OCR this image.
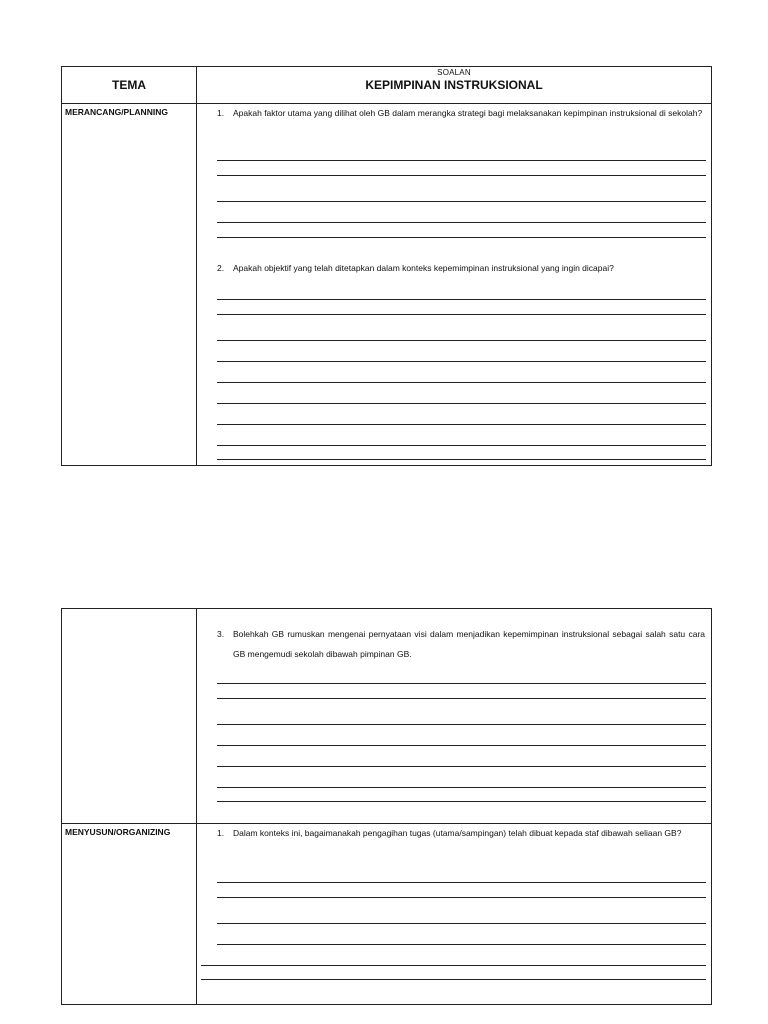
TEMA
SOALAN
KEPIMPINAN INSTRUKSIONAL
MERANCANG/PLANNING	1. Apakah faktor utama yang dilihat oleh GB dalam merangka strategi bagi melaksanakan kepimpinan instruksional di sekolah?
2. Apakah objektif yang telah ditetapkan dalam konteks kepemimpinan instruksional yang ingin dicapai?
3. Bolehkah GB rumuskan mengenai pernyataan visi dalam menjadikan kepemimpinan instruksional sebagai salah satu cara GB mengemudi sekolah dibawah pimpinan GB.
MENYUSUN/ORGANIZING	1. Dalam konteks ini, bagaimanakah pengagihan tugas (utama/sampingan) telah dibuat kepada staf dibawah seliaan GB?
